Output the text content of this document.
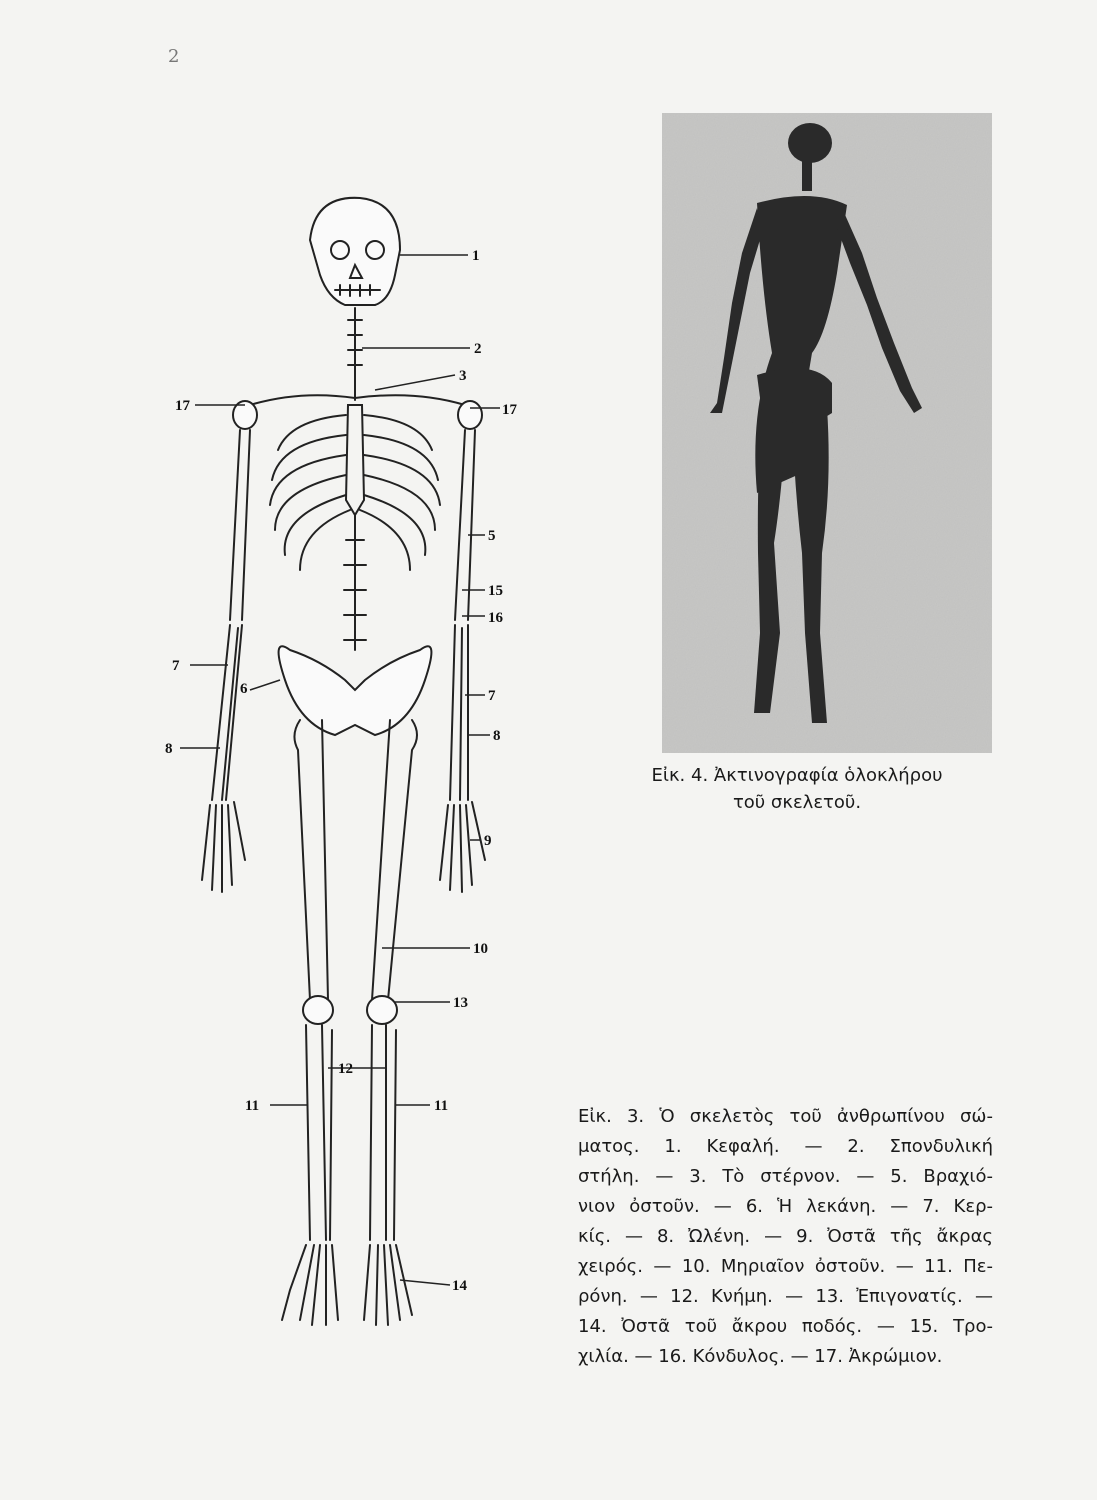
2

Εἰκ. 4. Ἀκτινογραφία ὁλοκλήρου
τοῦ σκελετοῦ.
1
2
3
17	17
5
15
16
7
6	7
8
8
9
10
13
12
11	11
14
Εἰκ. 3. Ὁ σκελετὸς τοῦ ἀνθρωπίνου σώ-
ματος. 1. Κεφαλή. — 2. Σπονδυλική
στήλη. — 3. Τὸ στέρνον. — 5. Βραχιό-
νιον ὀστοῦν. — 6. Ἡ λεκάνη. — 7. Κερ-
κίς. — 8. Ὠλένη. — 9. Ὀστᾶ τῆς ἄκρας
χειρός. — 10. Μηριαῖον ὀστοῦν. — 11. Πε-
ρόνη. — 12. Κνήμη. — 13. Ἐπιγονατίς. —
14. Ὀστᾶ τοῦ ἄκρου ποδός. — 15. Τρο-
χιλία. — 16. Κόνδυλος. — 17. Ἀκρώμιον.
